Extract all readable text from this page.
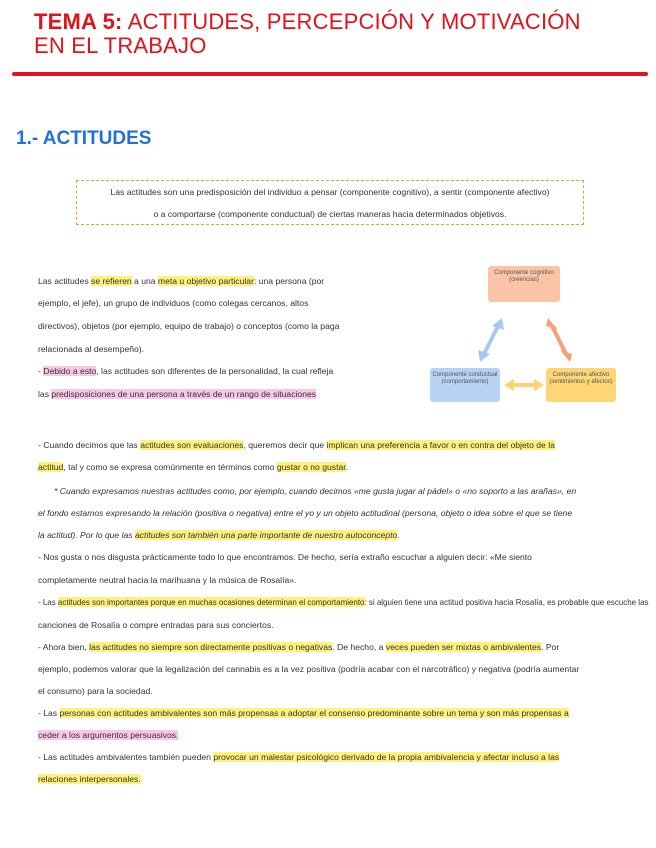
TEMA 5: ACTITUDES, PERCEPCIÓN Y MOTIVACIÓN
EN EL TRABAJO
1.- ACTITUDES
Las actitudes son una predisposición del individuo a pensar (componente cognitivo), a sentir (componente afectivo)
o a comportarse (componente conductual) de ciertas maneras hacia determinados objetivos.
Las actitudes se refieren a una meta u objetivo particular: una persona (por
ejemplo, el jefe), un grupo de individuos (como colegas cercanos, altos
directivos), objetos (por ejemplo, equipo de trabajo) o conceptos (como la paga
relacionada al desempeño).
- Debido a esto, las actitudes son diferentes de la personalidad, la cual refleja
las predisposiciones de una persona a través de un rango de situaciones
Componente cognitivo (creencias)
Componente conductual (comportamiento)
Componente afectivo (sentimientos y afectos)
- Cuando decimos que las actitudes son evaluaciones, queremos decir que implican una preferencia a favor o en contra del objeto de la
actitud, tal y como se expresa comúnmente en términos como gustar o no gustar.
* Cuando expresamos nuestras actitudes como, por ejemplo, cuando decimos «me gusta jugar al pádel» o «no soporto a las arañas», en
el fondo estamos expresando la relación (positiva o negativa) entre el yo y un objeto actitudinal (persona, objeto o idea sobre el que se tiene
la actitud). Por lo que las actitudes son también una parte importante de nuestro autoconcepto.
- Nos gusta o nos disgusta prácticamente todo lo que encontramos. De hecho, sería extraño escuchar a alguien decir: «Me siento
completamente neutral hacia la marihuana y la música de Rosalía».
- Las actitudes son importantes porque en muchas ocasiones determinan el comportamiento: si alguien tiene una actitud positiva hacia Rosalía, es probable que escuche las
canciones de Rosalía o compre entradas para sus conciertos.
- Ahora bien, las actitudes no siempre son directamente positivas o negativas. De hecho, a veces pueden ser mixtas o ambivalentes. Por
ejemplo, podemos valorar que la legalización del cannabis es a la vez positiva (podría acabar con el narcotráfico) y negativa (podría aumentar
el consumo) para la sociedad.
- Las personas con actitudes ambivalentes son más propensas a adoptar el consenso predominante sobre un tema y son más propensas a
ceder a los argumentos persuasivos.
- Las actitudes ambivalentes también pueden provocar un malestar psicológico derivado de la propia ambivalencia y afectar incluso a las
relaciones interpersonales.
